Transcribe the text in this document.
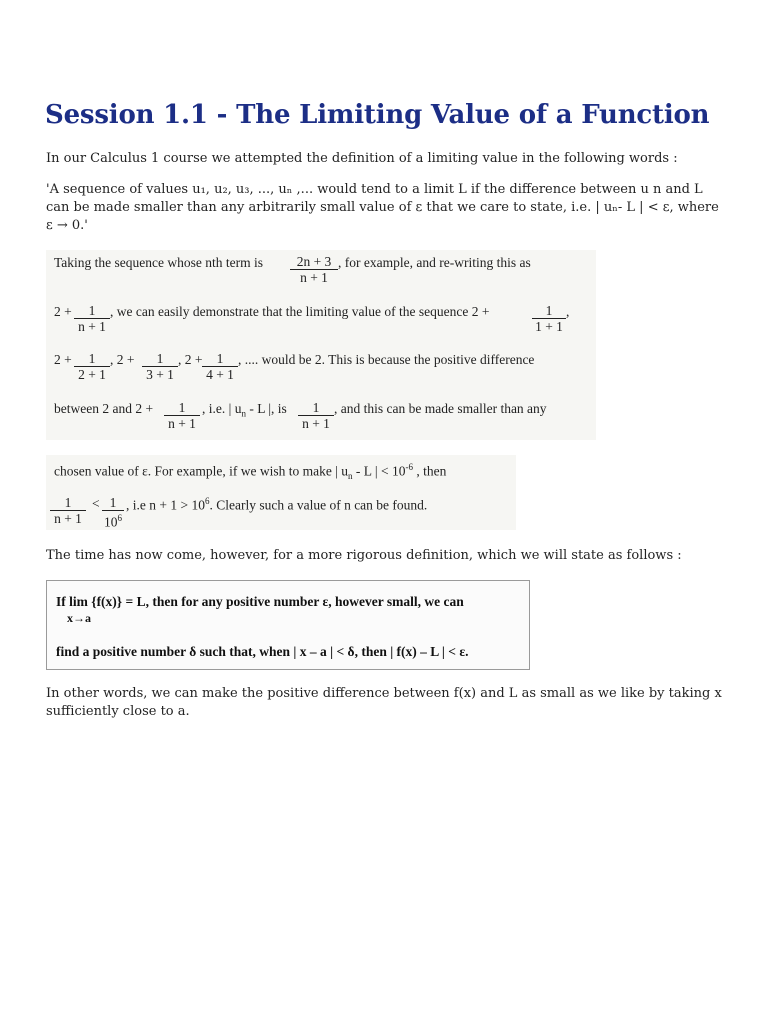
Session 1.1 - The Limiting Value of a Function
In our Calculus 1 course we attempted the definition of a limiting value in the following words :
'A sequence of values u₁, u₂, u₃, ..., uₙ ,... would tend to a limit L if the difference between u n and L can be made smaller than any arbitrarily small value of ε that we care to state, i.e. | uₙ- L | < ε, where ε → 0.'
Taking the sequence whose nth term is $\frac{2n + 3}{n + 1}$ , for example, and re-writing this as
$2 + \frac{1}{n + 1}$ , we can easily demonstrate that the limiting value of the sequence 2 +	$\frac{1}{1 + 1}$ ,
$2 + \frac{1}{2 + 1}$ , $2 + \frac{1}{3 + 1}$ , $2 + \frac{1}{4 + 1}$ , .... would be 2. This is because the positive difference
between 2 and $2 + \frac{1}{n + 1}$ , i.e. | $u_n$ - L |, is $\frac{1}{n + 1}$ , and this can be made smaller than any
chosen value of ε. For example, if we wish to make | $u_n$ - L | < $10^{-6}$ , then
$\frac{1}{n + 1} < \frac{1}{10^6}$ , i.e $n + 1 > 10^6$. Clearly such a value of n can be found.
The time has now come, however, for a more rigorous definition, which we will state as follows :
If lim {f(x)} = L, then for any positive number ε, however small, we can
x→a
find a positive number δ such that, when | x – a | < δ, then | f(x) – L | < ε.
In other words, we can make the positive difference between f(x) and L as small as we like by taking x sufficiently close to a.
